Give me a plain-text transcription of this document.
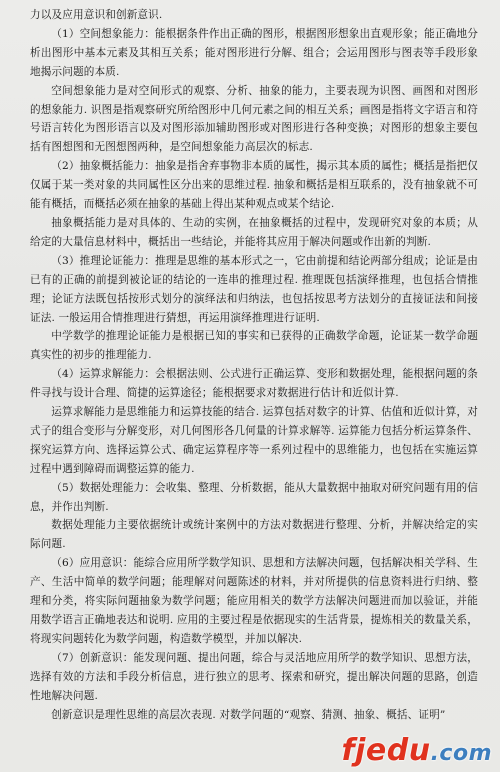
力以及应用意识和创新意识.

（1）空间想象能力：能根据条件作出正确的图形，根据图形想象出直观形象；能正确地分析出图形中基本元素及其相互关系；能对图形进行分解、组合；会运用图形与图表等手段形象地揭示问题的本质.

空间想象能力是对空间形式的观察、分析、抽象的能力，主要表现为识图、画图和对图形的想象能力. 识图是指观察研究所给图形中几何元素之间的相互关系；画图是指将文字语言和符号语言转化为图形语言以及对图形添加辅助图形或对图形进行各种变换；对图形的想象主要包括有图想图和无图想图两种，是空间想象能力高层次的标志.

（2）抽象概括能力：抽象是指舍弃事物非本质的属性，揭示其本质的属性；概括是指把仅仅属于某一类对象的共同属性区分出来的思维过程. 抽象和概括是相互联系的，没有抽象就不可能有概括，而概括必须在抽象的基础上得出某种观点或某个结论.

抽象概括能力是对具体的、生动的实例，在抽象概括的过程中，发现研究对象的本质；从给定的大量信息材料中，概括出一些结论，并能将其应用于解决问题或作出新的判断.

（3）推理论证能力：推理是思维的基本形式之一，它由前提和结论两部分组成；论证是由已有的正确的前提到被论证的结论的一连串的推理过程. 推理既包括演绎推理，也包括合情推理；论证方法既包括按形式划分的演绎法和归纳法，也包括按思考方法划分的直接证法和间接证法. 一般运用合情推理进行猜想，再运用演绎推理进行证明.

中学数学的推理论证能力是根据已知的事实和已获得的正确数学命题，论证某一数学命题真实性的初步的推理能力.

（4）运算求解能力：会根据法则、公式进行正确运算、变形和数据处理，能根据问题的条件寻找与设计合理、简捷的运算途径；能根据要求对数据进行估计和近似计算.

运算求解能力是思维能力和运算技能的结合. 运算包括对数字的计算、估值和近似计算，对式子的组合变形与分解变形，对几何图形各几何量的计算求解等. 运算能力包括分析运算条件、探究运算方向、选择运算公式、确定运算程序等一系列过程中的思维能力，也包括在实施运算过程中遇到障碍而调整运算的能力.

（5）数据处理能力：会收集、整理、分析数据，能从大量数据中抽取对研究问题有用的信息，并作出判断.

数据处理能力主要依据统计或统计案例中的方法对数据进行整理、分析，并解决给定的实际问题.

（6）应用意识：能综合应用所学数学知识、思想和方法解决问题，包括解决相关学科、生产、生活中简单的数学问题；能理解对问题陈述的材料，并对所提供的信息资料进行归纳、整理和分类，将实际问题抽象为数学问题；能应用相关的数学方法解决问题进而加以验证，并能用数学语言正确地表达和说明. 应用的主要过程是依据现实的生活背景，提炼相关的数量关系，将现实问题转化为数学问题，构造数学模型，并加以解决.

（7）创新意识：能发现问题、提出问题，综合与灵活地应用所学的数学知识、思想方法，选择有效的方法和手段分析信息，进行独立的思考、探索和研究，提出解决问题的思路，创造性地解决问题.

创新意识是理性思维的高层次表现. 对数学问题的“观察、猜测、抽象、概括、证明”

fjedu.com
